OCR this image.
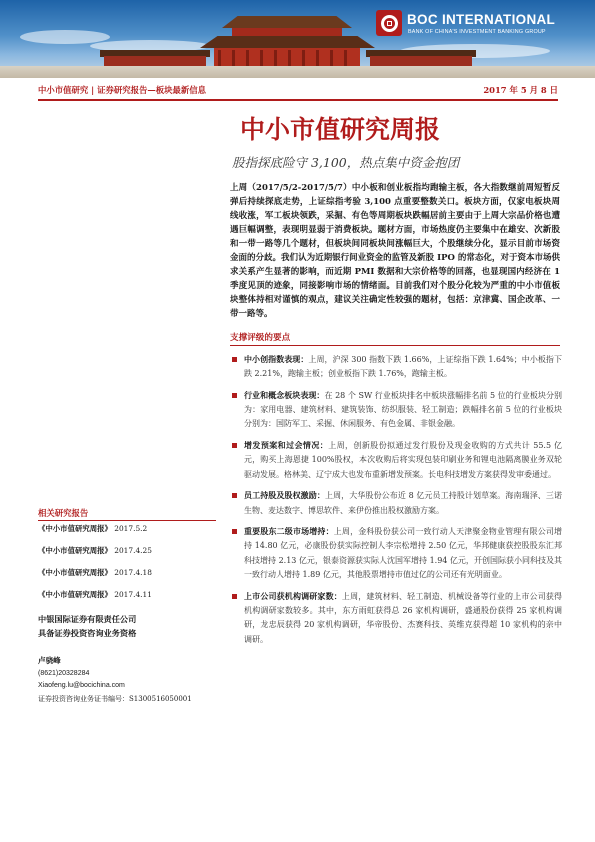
BOC INTERNATIONAL
BANK OF CHINA'S INVESTMENT BANKING GROUP
中小市值研究 | 证券研究报告—板块最新信息	2017 年 5 月 8 日
中小市值研究周报
股指探底险守 3,100，热点集中资金抱团
上周（2017/5/2-2017/5/7）中小板和创业板指均跑输主板，各大指数继前周短暂反弹后持续探底走势，上证综指考验 3,100 点重要整数关口。板块方面，仅家电板块周线收涨，军工板块领跌，采掘、有色等周期板块跌幅居前主要由于上周大宗品价格也遭遇巨幅调整，表现明显弱于消费板块。题材方面，市场热度仍主要集中在雄安、次新股和一带一路等几个题材，但板块间同板块间涨幅巨大，个股继续分化，显示目前市场资金面的分歧。我们认为近期银行间业资金的监管及新股 IPO 的常态化，对于资本市场供求关系产生显著的影响，而近期 PMI 数据和大宗价格等的回落，也显现国内经济在 1 季度见顶的迹象，同接影响市场的情绪面。目前我们对个股分化较为严重的中小市值板块整体持相对谨慎的观点，建议关注确定性较强的题材，包括：京津冀、国企改革、一带一路等。
支撑评级的要点
中小创指数表现：上周，沪深 300 指数下跌 1.66%，上证综指下跌 1.64%；中小板指下跌 2.21%，跑输主板；创业板指下跌 1.76%，跑输主板。
行业和概念板块表现：在 28 个 SW 行业板块排名中板块涨幅排名前 5 位的行业板块分别为：家用电器、建筑材料、建筑装饰、纺织服装、轻工制造；跌幅排名前 5 位的行业板块分别为：国防军工、采掘、休闲服务、有色金属、非银金融。
增发预案和过会情况：上周，创新股份拟通过发行股份及现金收购的方式共计 55.5 亿元，购买上海恩捷 100%股权，本次收购后将实现包装印刷业务和锂电池隔离膜业务双轮驱动发展。格林美、辽宁成大也发布重新增发预案。长电科技增发方案获得发审委通过。
员工持股及股权激励：上周，大华股份公布近 8 亿元员工持股计划草案。海南瑞泽、三诺生物、麦达数字、博思软件、来伊份推出股权激励方案。
重要股东二级市场增持：上周，金科股份获公司一致行动人天津聚金物业管理有限公司增持 14.80 亿元，必康股份获实际控制人李宗松增持 2.50 亿元，华邦健康获控股股东汇邦科技增持 2.13 亿元，银泰资源获实际人沈国军增持 1.94 亿元，开创国际获小同科技及其一致行动人增持 1.89 亿元，其他股票增持市值过亿的公司还有光明面业。
上市公司获机构调研家数：上周，建筑材料、轻工制造、机械设备等行业的上市公司获得机构调研家数较多。其中，东方雨虹获得总 26 家机构调研，盛通股份获得 25 家机构调研，龙忠辰获得 20 家机构调研，华帝股份、杰赛科技、英维克获得超 10 家机构的亲中调研。
相关研究报告
《中小市值研究周报》 2017.5.2
《中小市值研究周报》 2017.4.25
《中小市值研究周报》 2017.4.18
《中小市值研究周报》 2017.4.11
中银国际证券有限责任公司
具备证券投资咨询业务资格
卢骁峰
(8621)20328284
Xiaofeng.lu@bocichina.com
证券投资咨询业务证书编号：S1300516050001
